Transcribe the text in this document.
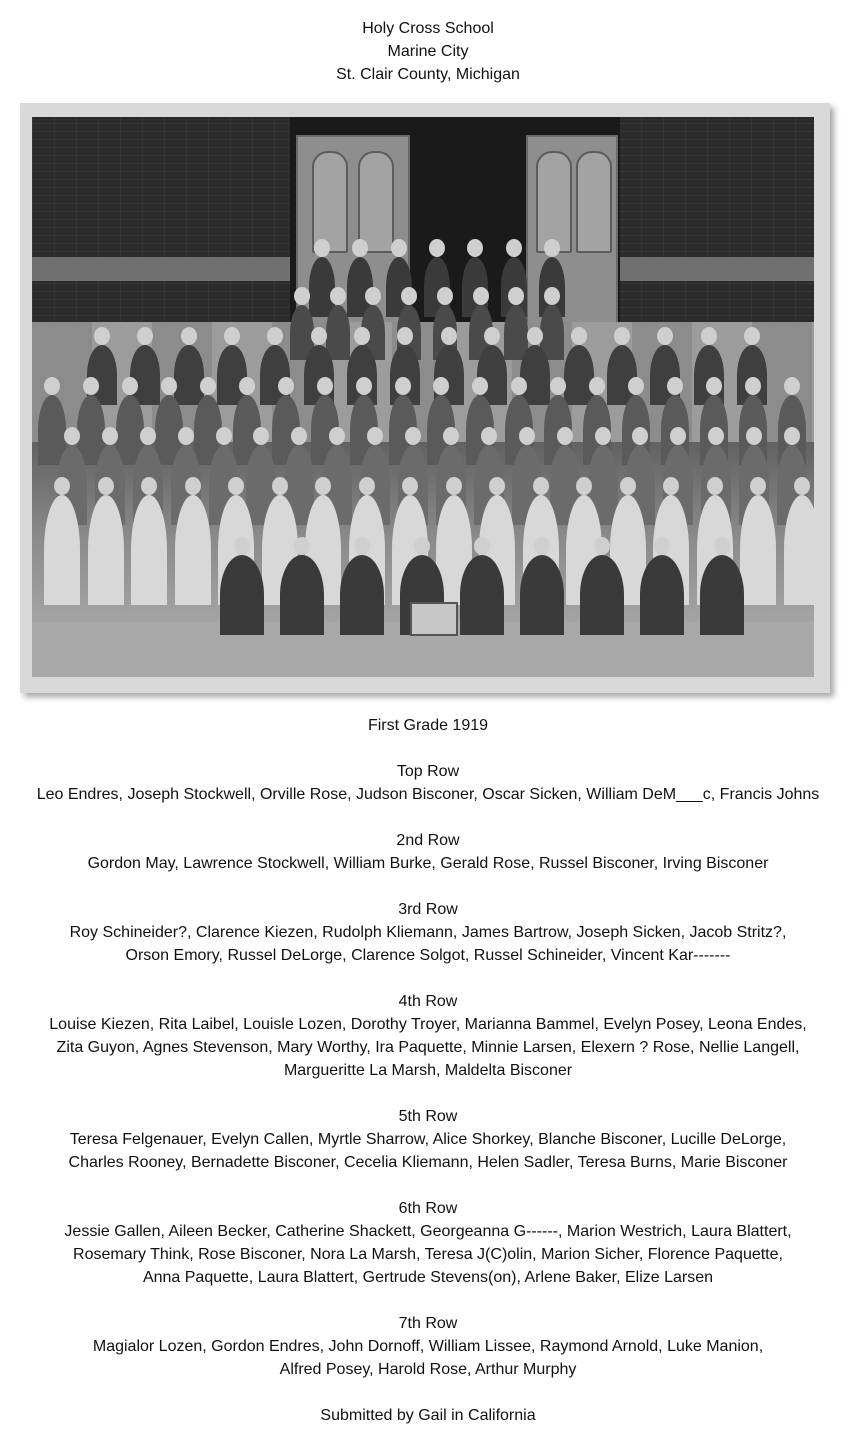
Holy Cross School
Marine City
St. Clair County, Michigan
First Grade 1919
Top Row
Leo Endres, Joseph Stockwell, Orville Rose, Judson Bisconer, Oscar Sicken, William DeM___c, Francis Johns
2nd Row
Gordon May, Lawrence Stockwell, William Burke, Gerald Rose, Russel Bisconer, Irving Bisconer
3rd Row
Roy Schineider?, Clarence Kiezen, Rudolph Kliemann, James Bartrow, Joseph Sicken, Jacob Stritz?,
Orson Emory, Russel DeLorge, Clarence Solgot, Russel Schineider, Vincent Kar-------
4th Row
Louise Kiezen, Rita Laibel, Louisle Lozen, Dorothy Troyer, Marianna Bammel, Evelyn Posey, Leona Endes,
Zita Guyon, Agnes Stevenson, Mary Worthy, Ira Paquette, Minnie Larsen, Elexern ? Rose, Nellie Langell,
Margueritte La Marsh, Maldelta Bisconer
5th Row
Teresa Felgenauer, Evelyn Callen, Myrtle Sharrow, Alice Shorkey, Blanche Bisconer, Lucille DeLorge,
Charles Rooney, Bernadette Bisconer, Cecelia Kliemann, Helen Sadler, Teresa Burns, Marie Bisconer
6th Row
Jessie Gallen, Aileen Becker, Catherine Shackett, Georgeanna G------, Marion Westrich, Laura Blattert,
Rosemary Think, Rose Bisconer, Nora La Marsh, Teresa J(C)olin, Marion Sicher, Florence Paquette,
Anna Paquette, Laura Blattert, Gertrude Stevens(on), Arlene Baker, Elize Larsen
7th Row
Magialor Lozen, Gordon Endres, John Dornoff, William Lissee, Raymond Arnold, Luke Manion,
Alfred Posey, Harold Rose, Arthur Murphy
Submitted by Gail in California
